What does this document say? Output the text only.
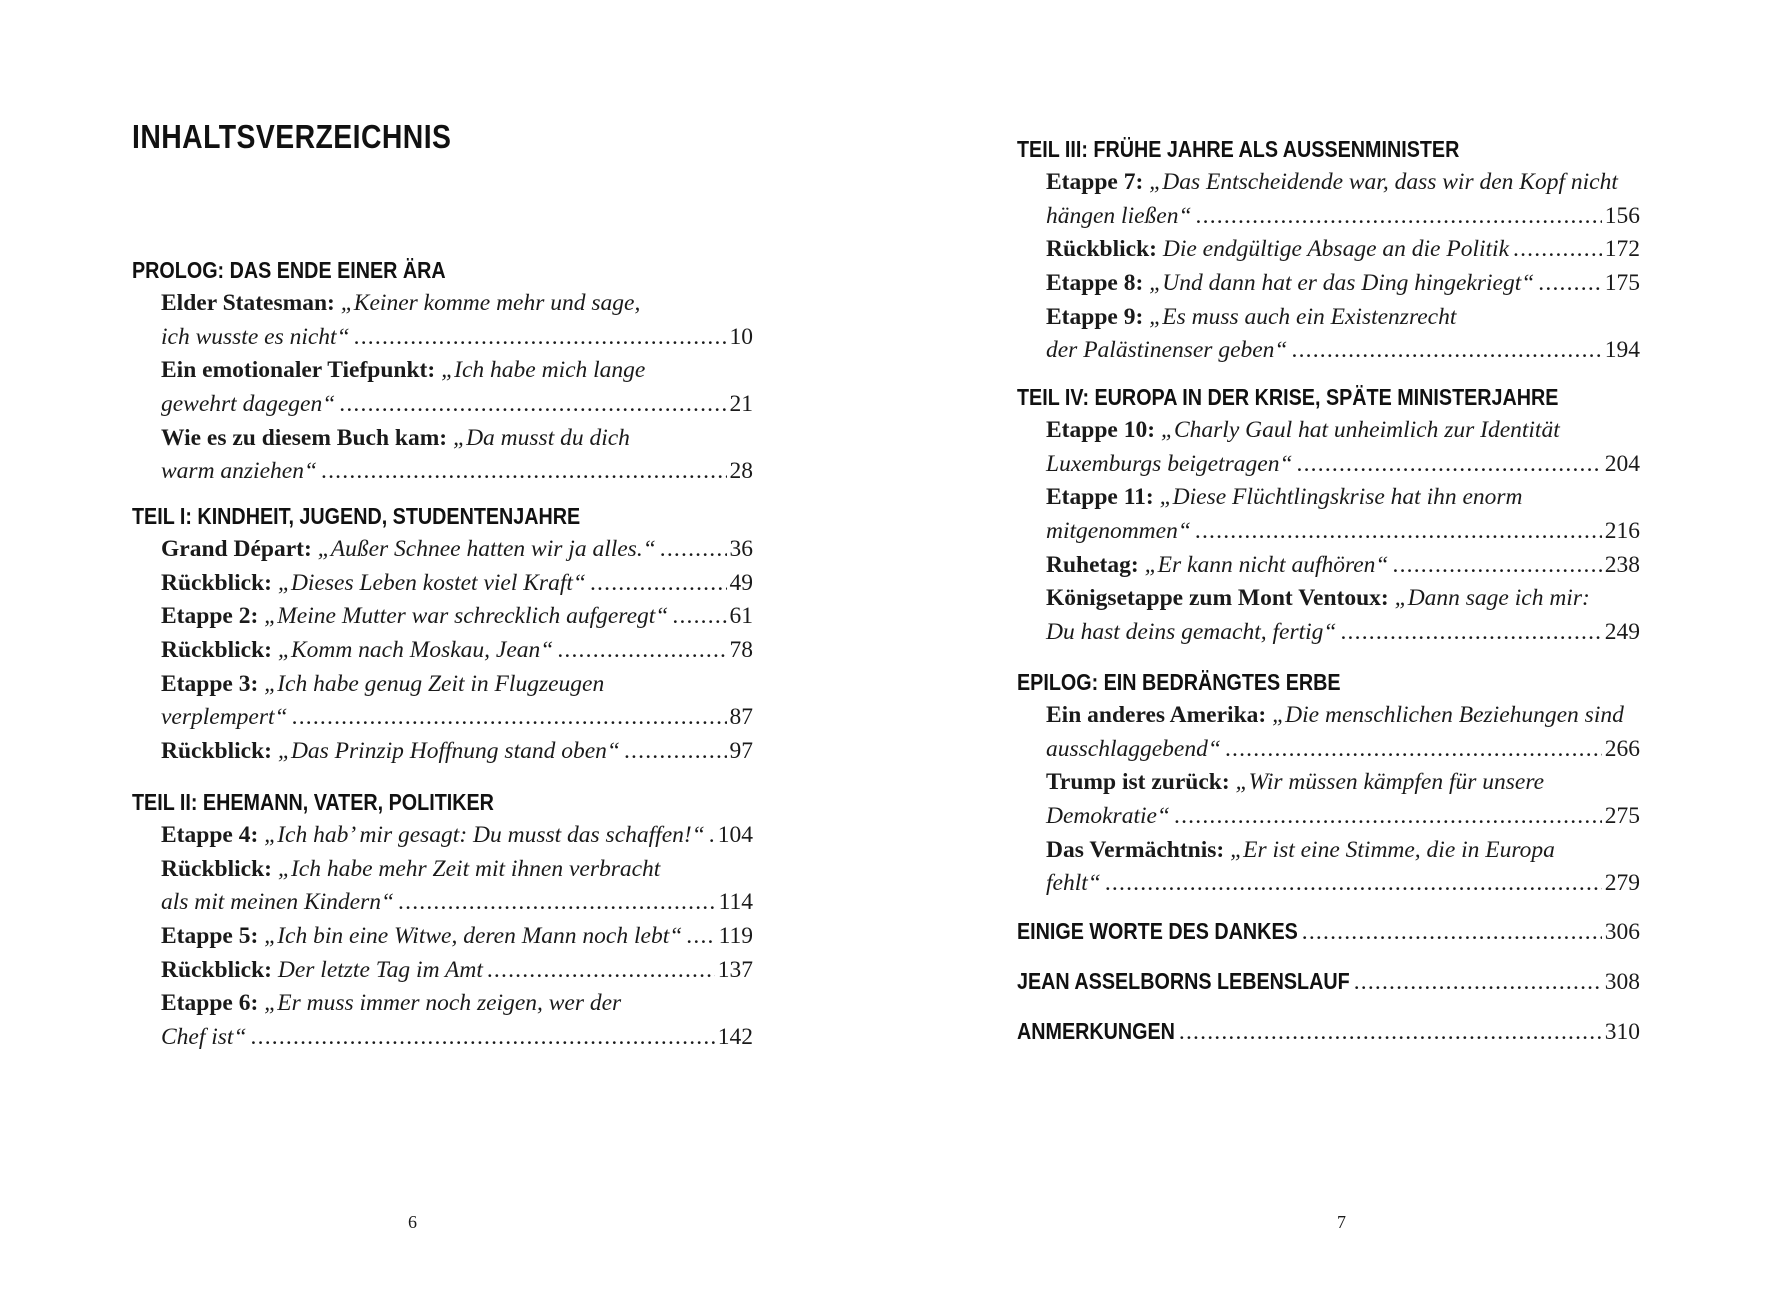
INHALTSVERZEICHNIS
PROLOG: DAS ENDE EINER ÄRA
Elder Statesman:
„Keiner komme mehr und sage,
ich wusste es nicht“ .....	10
Ein emotionaler Tiefpunkt:
„Ich habe mich lange
gewehrt dagegen“ .....	21
Wie es zu diesem Buch kam:
„Da musst du dich
warm anziehen“ .....	28
TEIL I: KINDHEIT, JUGEND, STUDENTENJAHRE
Grand Départ:
„Außer Schnee hatten wir ja alles.“ .....	36
Rückblick:
„Dieses Leben kostet viel Kraft“ .....	49
Etappe 2:
„Meine Mutter war schrecklich aufgeregt“ .....	61
Rückblick:
„Komm nach Moskau, Jean“ .....	78
Etappe 3:
„Ich habe genug Zeit in Flugzeugen
verplempert“ .....	87
Rückblick:
„Das Prinzip Hoffnung stand oben“ .....	97
TEIL II: EHEMANN, VATER, POLITIKER
Etappe 4:
„Ich hab’ mir gesagt: Du musst das schaffen!“ ..... 104
Rückblick:
„Ich habe mehr Zeit mit ihnen verbracht
als mit meinen Kindern“ .....	114
Etappe 5:
„Ich bin eine Witwe, deren Mann noch lebt“ ..... 119
Rückblick:
Der letzte Tag im Amt .....	137
Etappe 6:
„Er muss immer noch zeigen, wer der
Chef ist“ .....	142
6
TEIL III: FRÜHE JAHRE ALS AUSSENMINISTER
Etappe 7:
„Das Entscheidende war, dass wir den Kopf nicht
hängen ließen“ .....	156
Rückblick:
Die endgültige Absage an die Politik .....	172
Etappe 8:
„Und dann hat er das Ding hingekriegt“ .....	175
Etappe 9:
„Es muss auch ein Existenzrecht
der Palästinenser geben“ .....	194
TEIL IV: EUROPA IN DER KRISE, SPÄTE MINISTERJAHRE
Etappe 10:
„Charly Gaul hat unheimlich zur Identität
Luxemburgs beigetragen“ .....	204
Etappe 11:
„Diese Flüchtlingskrise hat ihn enorm
mitgenommen“ .....	216
Ruhetag:
„Er kann nicht aufhören“ .....	238
Königsetappe zum Mont Ventoux:
„Dann sage ich mir:
Du hast deins gemacht, fertig“ .....	249
EPILOG: EIN BEDRÄNGTES ERBE
Ein anderes Amerika:
„Die menschlichen Beziehungen sind
ausschlaggebend“ .....	266
Trump ist zurück:
„Wir müssen kämpfen für unsere
Demokratie“ .....	275
Das Vermächtnis:
„Er ist eine Stimme, die in Europa
fehlt“ .....	279
EINIGE WORTE DES DANKES .....	306
JEAN ASSELBORNS LEBENSLAUF .....	308
ANMERKUNGEN .....	310
7
